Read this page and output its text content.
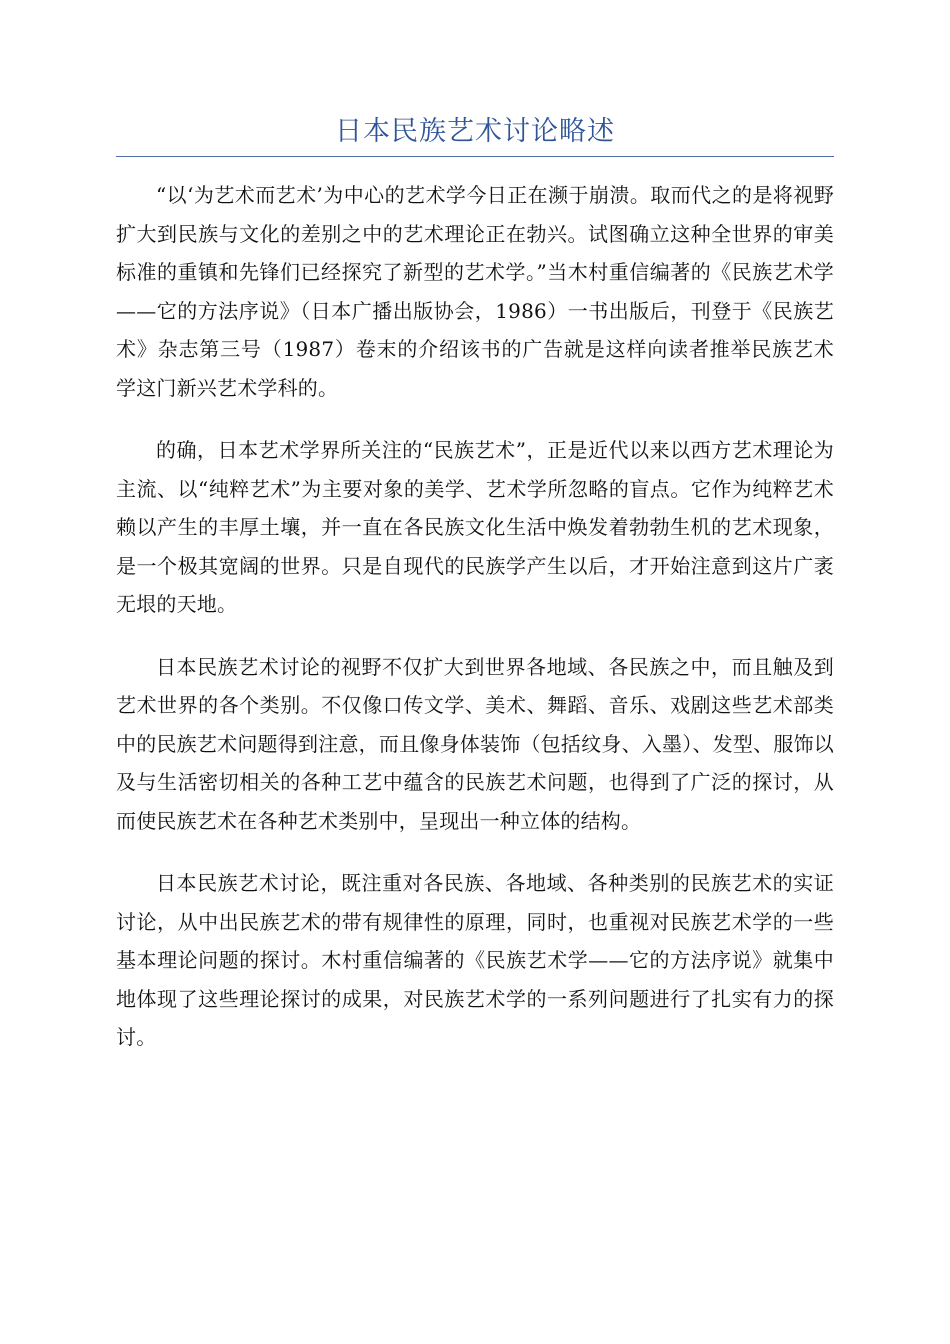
日本民族艺术讨论略述

“以‘为艺术而艺术’为中心的艺术学今日正在濒于崩溃。取而代之的是将视野扩大到民族与文化的差别之中的艺术理论正在勃兴。试图确立这种全世界的审美标准的重镇和先锋们已经探究了新型的艺术学。”当木村重信编著的《民族艺术学——它的方法序说》（日本广播出版协会，1986）一书出版后，刊登于《民族艺术》杂志第三号（1987）卷末的介绍该书的广告就是这样向读者推举民族艺术学这门新兴艺术学科的。

的确，日本艺术学界所关注的“民族艺术”，正是近代以来以西方艺术理论为主流、以“纯粹艺术”为主要对象的美学、艺术学所忽略的盲点。它作为纯粹艺术赖以产生的丰厚土壤，并一直在各民族文化生活中焕发着勃勃生机的艺术现象，是一个极其宽阔的世界。只是自现代的民族学产生以后，才开始注意到这片广袤无垠的天地。

日本民族艺术讨论的视野不仅扩大到世界各地域、各民族之中，而且触及到艺术世界的各个类别。不仅像口传文学、美术、舞蹈、音乐、戏剧这些艺术部类中的民族艺术问题得到注意，而且像身体装饰（包括纹身、入墨）、发型、服饰以及与生活密切相关的各种工艺中蕴含的民族艺术问题，也得到了广泛的探讨，从而使民族艺术在各种艺术类别中，呈现出一种立体的结构。

日本民族艺术讨论，既注重对各民族、各地域、各种类别的民族艺术的实证讨论，从中出民族艺术的带有规律性的原理，同时，也重视对民族艺术学的一些基本理论问题的探讨。木村重信编著的《民族艺术学——它的方法序说》就集中地体现了这些理论探讨的成果，对民族艺术学的一系列问题进行了扎实有力的探讨。
